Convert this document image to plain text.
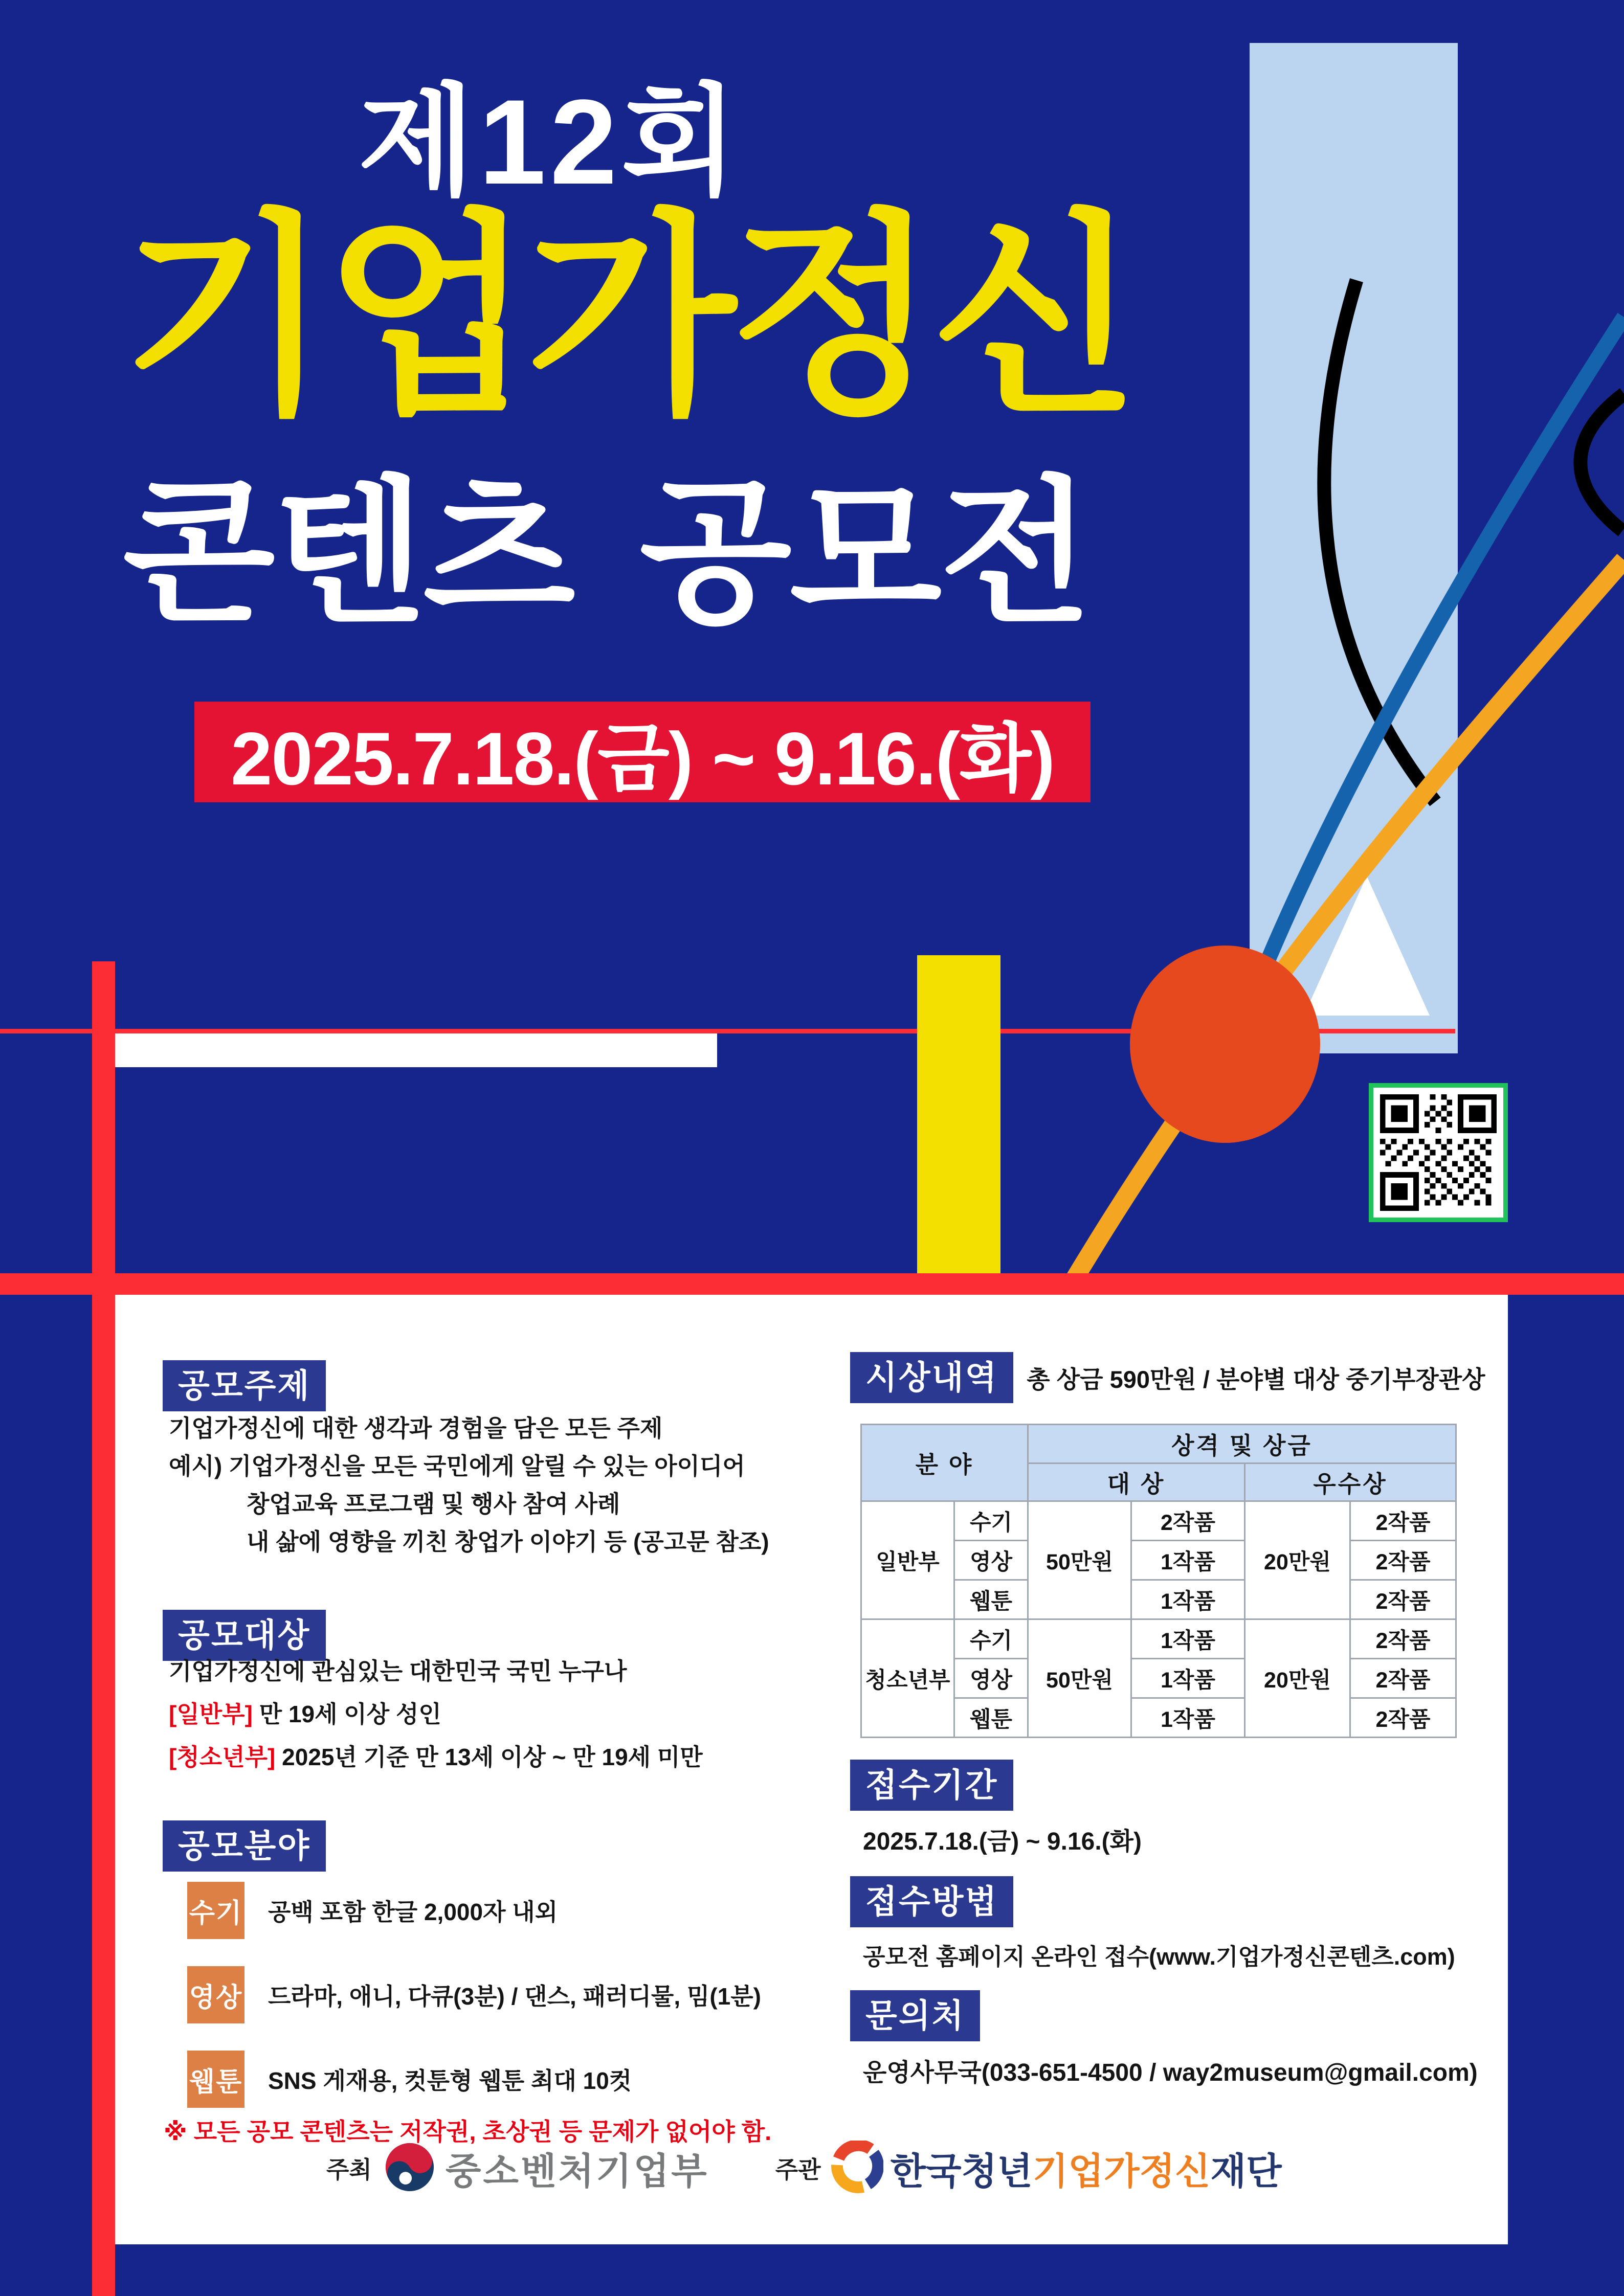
제12회
기업가정신
콘텐츠 공모전
2025.7.18.(금) ~ 9.16.(화)
공모주제
기업가정신에 대한 생각과 경험을 담은 모든 주제
예시) 기업가정신을 모든 국민에게 알릴 수 있는 아이디어
창업교육 프로그램 및 행사 참여 사례
내 삶에 영향을 끼친 창업가 이야기 등 (공고문 참조)
공모대상
기업가정신에 관심있는 대한민국 국민 누구나
[일반부] 만 19세 이상 성인
[청소년부] 2025년 기준 만 13세 이상 ~ 만 19세 미만
공모분야
수기 공백 포함 한글 2,000자 내외
영상 드라마, 애니, 다큐(3분) / 댄스, 패러디물, 밈(1분)
웹툰 SNS 게재용, 컷툰형 웹툰 최대 10컷
※ 모든 공모 콘텐츠는 저작권, 초상권 등 문제가 없어야 함.
시상내역	총 상금 590만원 / 분야별 대상 중기부장관상
분 야		상격 및 상금			
		대 상		우수상	
일반부	수기	50만원	2작품	20만원	2작품
	영상		1작품		2작품
	웹툰		1작품		2작품
청소년부	수기	50만원	1작품	20만원	2작품
	영상		1작품		2작품
	웹툰		1작품		2작품
접수기간
2025.7.18.(금) ~ 9.16.(화)
접수방법
공모전 홈페이지 온라인 접수(www.기업가정신콘텐츠.com)
문의처
운영사무국(033-651-4500 / way2museum@gmail.com)
주최 중소벤처기업부	주관 한국청년 기업가정신 재단
